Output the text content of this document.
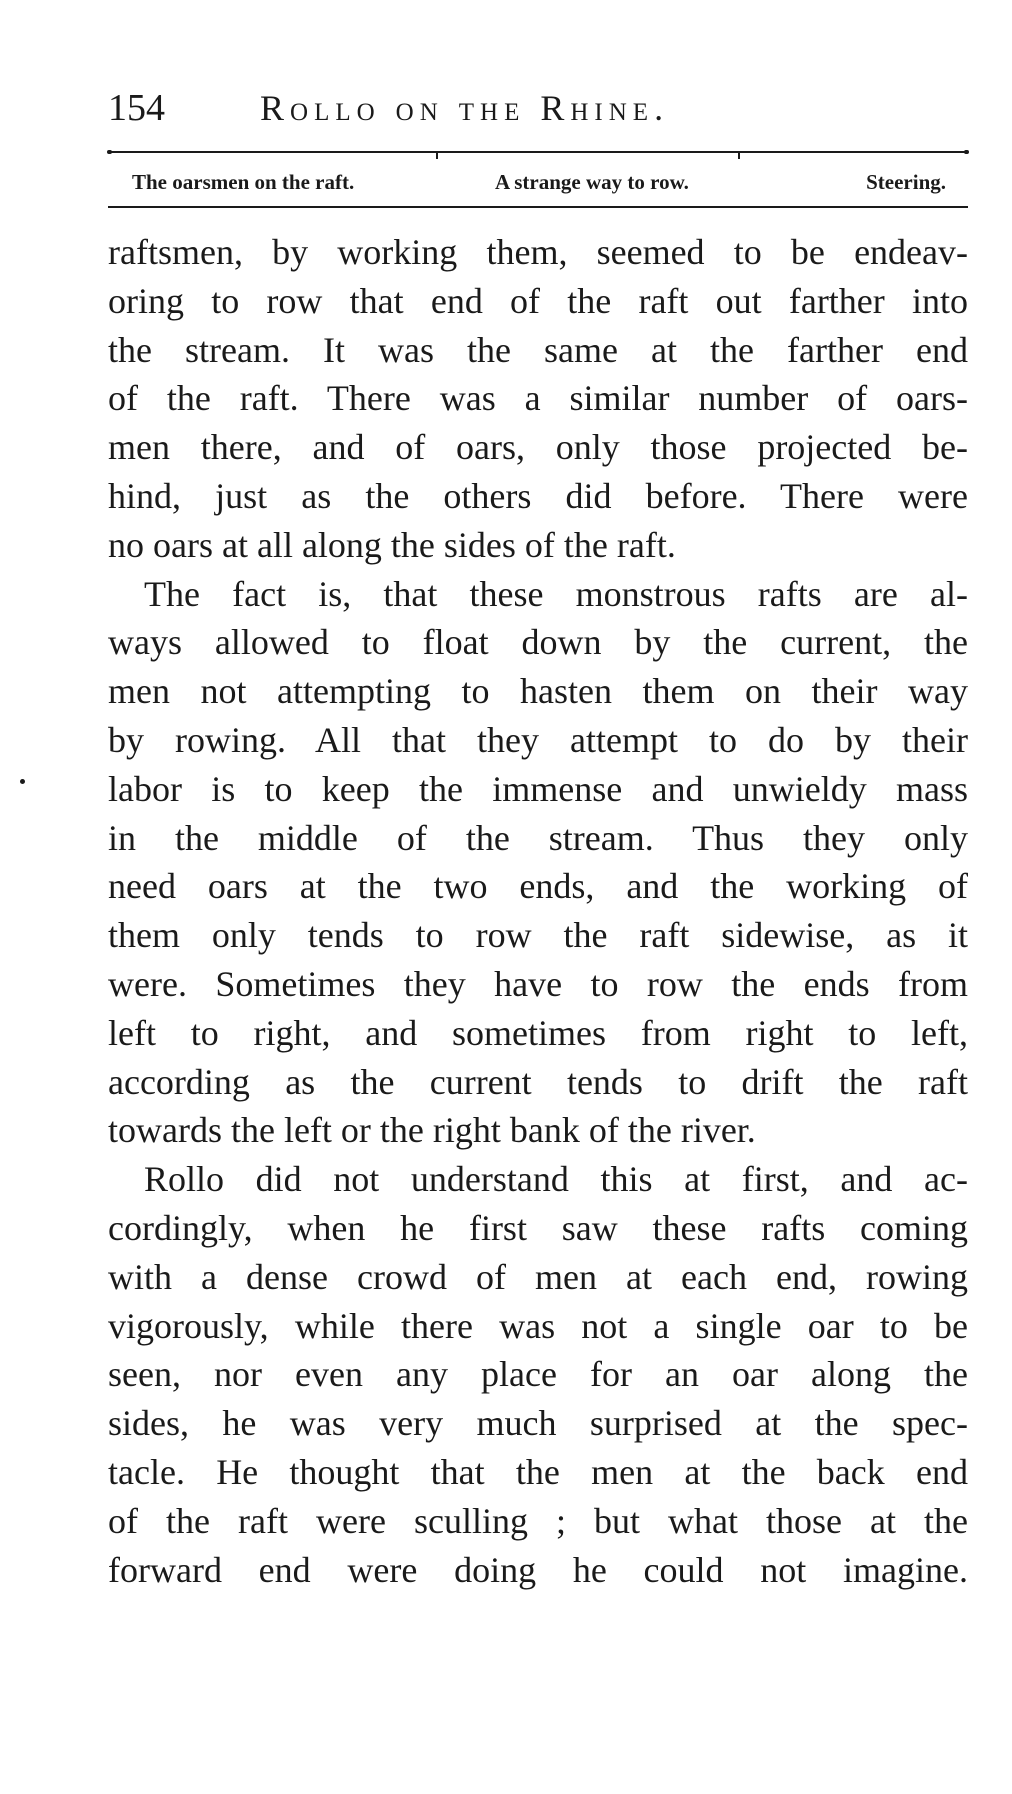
154	Rollo on the Rhine.
The oarsmen on the raft.	A strange way to row.	Steering.
raftsmen, by working them, seemed to be endeav-
oring to row that end of the raft out farther into
the stream. It was the same at the farther end
of the raft. There was a similar number of oars-
men there, and of oars, only those projected be-
hind, just as the others did before. There were
no oars at all along the sides of the raft.
The fact is, that these monstrous rafts are al-
ways allowed to float down by the current, the
men not attempting to hasten them on their way
by rowing. All that they attempt to do by their
labor is to keep the immense and unwieldy mass
in the middle of the stream. Thus they only
need oars at the two ends, and the working of
them only tends to row the raft sidewise, as it
were. Sometimes they have to row the ends from
left to right, and sometimes from right to left,
according as the current tends to drift the raft
towards the left or the right bank of the river.
Rollo did not understand this at first, and ac-
cordingly, when he first saw these rafts coming
with a dense crowd of men at each end, rowing
vigorously, while there was not a single oar to be
seen, nor even any place for an oar along the
sides, he was very much surprised at the spec-
tacle. He thought that the men at the back end
of the raft were sculling ; but what those at the
forward end were doing he could not imagine.
